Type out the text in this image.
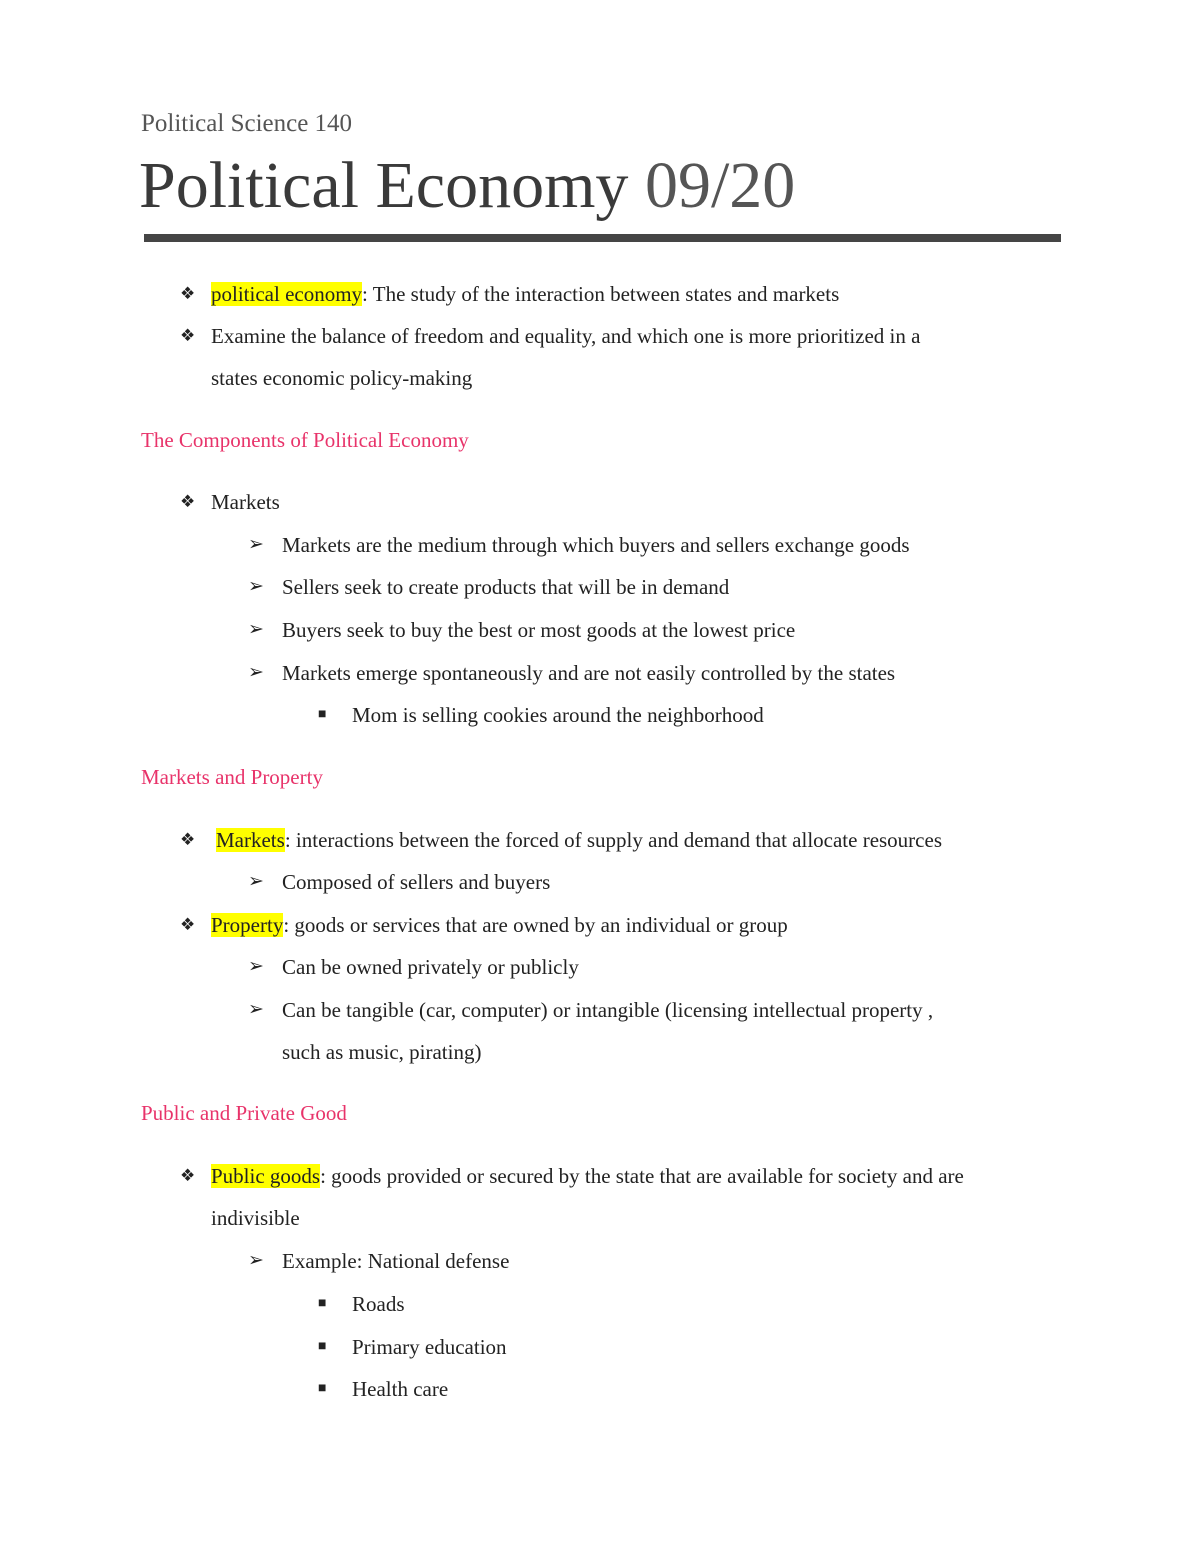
Political Science 140
Political Economy 09/20
❖ political economy: The study of the interaction between states and markets
❖ Examine the balance of freedom and equality, and which one is more prioritized in a
states economic policy-making
The Components of Political Economy
❖ Markets
➢ Markets are the medium through which buyers and sellers exchange goods
➢ Sellers seek to create products that will be in demand
➢ Buyers seek to buy the best or most goods at the lowest price
➢ Markets emerge spontaneously and are not easily controlled by the states
■ Mom is selling cookies around the neighborhood
Markets and Property
❖ Markets: interactions between the forced of supply and demand that allocate resources
➢ Composed of sellers and buyers
❖ Property: goods or services that are owned by an individual or group
➢ Can be owned privately or publicly
➢ Can be tangible (car, computer) or intangible (licensing intellectual property ,
such as music, pirating)
Public and Private Good
❖ Public goods: goods provided or secured by the state that are available for society and are
indivisible
➢ Example: National defense
■ Roads
■ Primary education
■ Health care
